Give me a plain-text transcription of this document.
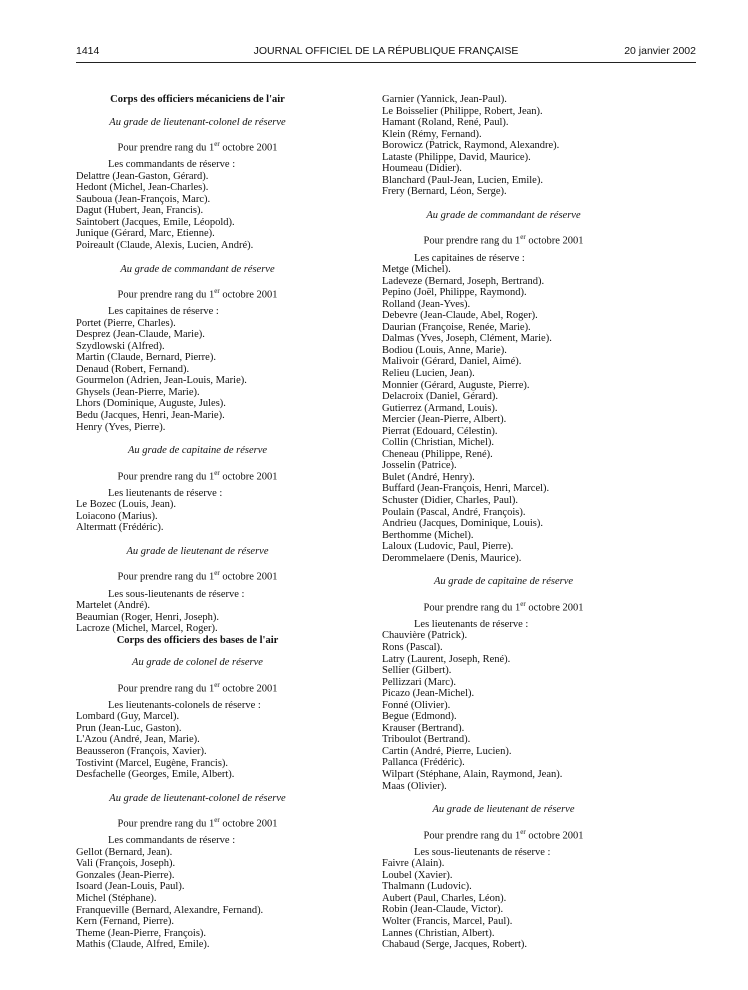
1414	JOURNAL OFFICIEL DE LA RÉPUBLIQUE FRANÇAISE	20 janvier 2002
Corps des officiers mécaniciens de l'air
Au grade de lieutenant-colonel de réserve
Pour prendre rang du 1er octobre 2001
Les commandants de réserve :
Delattre (Jean-Gaston, Gérard).
Hedont (Michel, Jean-Charles).
Sauboua (Jean-François, Marc).
Dagut (Hubert, Jean, Francis).
Saintobert (Jacques, Emile, Léopold).
Junique (Gérard, Marc, Etienne).
Poireault (Claude, Alexis, Lucien, André).
Au grade de commandant de réserve
Pour prendre rang du 1er octobre 2001
Les capitaines de réserve :
Portet (Pierre, Charles).
Desprez (Jean-Claude, Marie).
Szydlowski (Alfred).
Martin (Claude, Bernard, Pierre).
Denaud (Robert, Fernand).
Gourmelon (Adrien, Jean-Louis, Marie).
Ghysels (Jean-Pierre, Marie).
Lhors (Dominique, Auguste, Jules).
Bedu (Jacques, Henri, Jean-Marie).
Henry (Yves, Pierre).
Au grade de capitaine de réserve
Pour prendre rang du 1er octobre 2001
Les lieutenants de réserve :
Le Bozec (Louis, Jean).
Loiacono (Marius).
Altermatt (Frédéric).
Au grade de lieutenant de réserve
Pour prendre rang du 1er octobre 2001
Les sous-lieutenants de réserve :
Martelet (André).
Beaumian (Roger, Henri, Joseph).
Lacroze (Michel, Marcel, Roger).
Corps des officiers des bases de l'air
Au grade de colonel de réserve
Pour prendre rang du 1er octobre 2001
Les lieutenants-colonels de réserve :
Lombard (Guy, Marcel).
Prun (Jean-Luc, Gaston).
L'Azou (André, Jean, Marie).
Beausseron (François, Xavier).
Tostivint (Marcel, Eugène, Francis).
Desfachelle (Georges, Emile, Albert).
Au grade de lieutenant-colonel de réserve
Pour prendre rang du 1er octobre 2001
Les commandants de réserve :
Gellot (Bernard, Jean).
Vali (François, Joseph).
Gonzales (Jean-Pierre).
Isoard (Jean-Louis, Paul).
Michel (Stéphane).
Franqueville (Bernard, Alexandre, Fernand).
Kern (Fernand, Pierre).
Theme (Jean-Pierre, François).
Mathis (Claude, Alfred, Emile).
Garnier (Yannick, Jean-Paul).
Le Boisselier (Philippe, Robert, Jean).
Hamant (Roland, René, Paul).
Klein (Rémy, Fernand).
Borowicz (Patrick, Raymond, Alexandre).
Lataste (Philippe, David, Maurice).
Houmeau (Didier).
Blanchard (Paul-Jean, Lucien, Emile).
Frery (Bernard, Léon, Serge).
Au grade de commandant de réserve
Pour prendre rang du 1er octobre 2001
Les capitaines de réserve :
Metge (Michel).
Ladeveze (Bernard, Joseph, Bertrand).
Pepino (Joël, Philippe, Raymond).
Rolland (Jean-Yves).
Debevre (Jean-Claude, Abel, Roger).
Daurian (Françoise, Renée, Marie).
Dalmas (Yves, Joseph, Clément, Marie).
Bodiou (Louis, Anne, Marie).
Malivoir (Gérard, Daniel, Aimé).
Relieu (Lucien, Jean).
Monnier (Gérard, Auguste, Pierre).
Delacroix (Daniel, Gérard).
Gutierrez (Armand, Louis).
Mercier (Jean-Pierre, Albert).
Pierrat (Edouard, Célestin).
Collin (Christian, Michel).
Cheneau (Philippe, René).
Josselin (Patrice).
Bulet (André, Henry).
Buffard (Jean-François, Henri, Marcel).
Schuster (Didier, Charles, Paul).
Poulain (Pascal, André, François).
Andrieu (Jacques, Dominique, Louis).
Berthomme (Michel).
Laloux (Ludovic, Paul, Pierre).
Derommelaere (Denis, Maurice).
Au grade de capitaine de réserve
Pour prendre rang du 1er octobre 2001
Les lieutenants de réserve :
Chauvière (Patrick).
Rons (Pascal).
Latry (Laurent, Joseph, René).
Sellier (Gilbert).
Pellizzari (Marc).
Picazo (Jean-Michel).
Fonné (Olivier).
Begue (Edmond).
Krauser (Bertrand).
Triboulot (Bertrand).
Cartin (André, Pierre, Lucien).
Pallanca (Frédéric).
Wilpart (Stéphane, Alain, Raymond, Jean).
Maas (Olivier).
Au grade de lieutenant de réserve
Pour prendre rang du 1er octobre 2001
Les sous-lieutenants de réserve :
Faivre (Alain).
Loubel (Xavier).
Thalmann (Ludovic).
Aubert (Paul, Charles, Léon).
Robin (Jean-Claude, Victor).
Wolter (Francis, Marcel, Paul).
Lannes (Christian, Albert).
Chabaud (Serge, Jacques, Robert).
